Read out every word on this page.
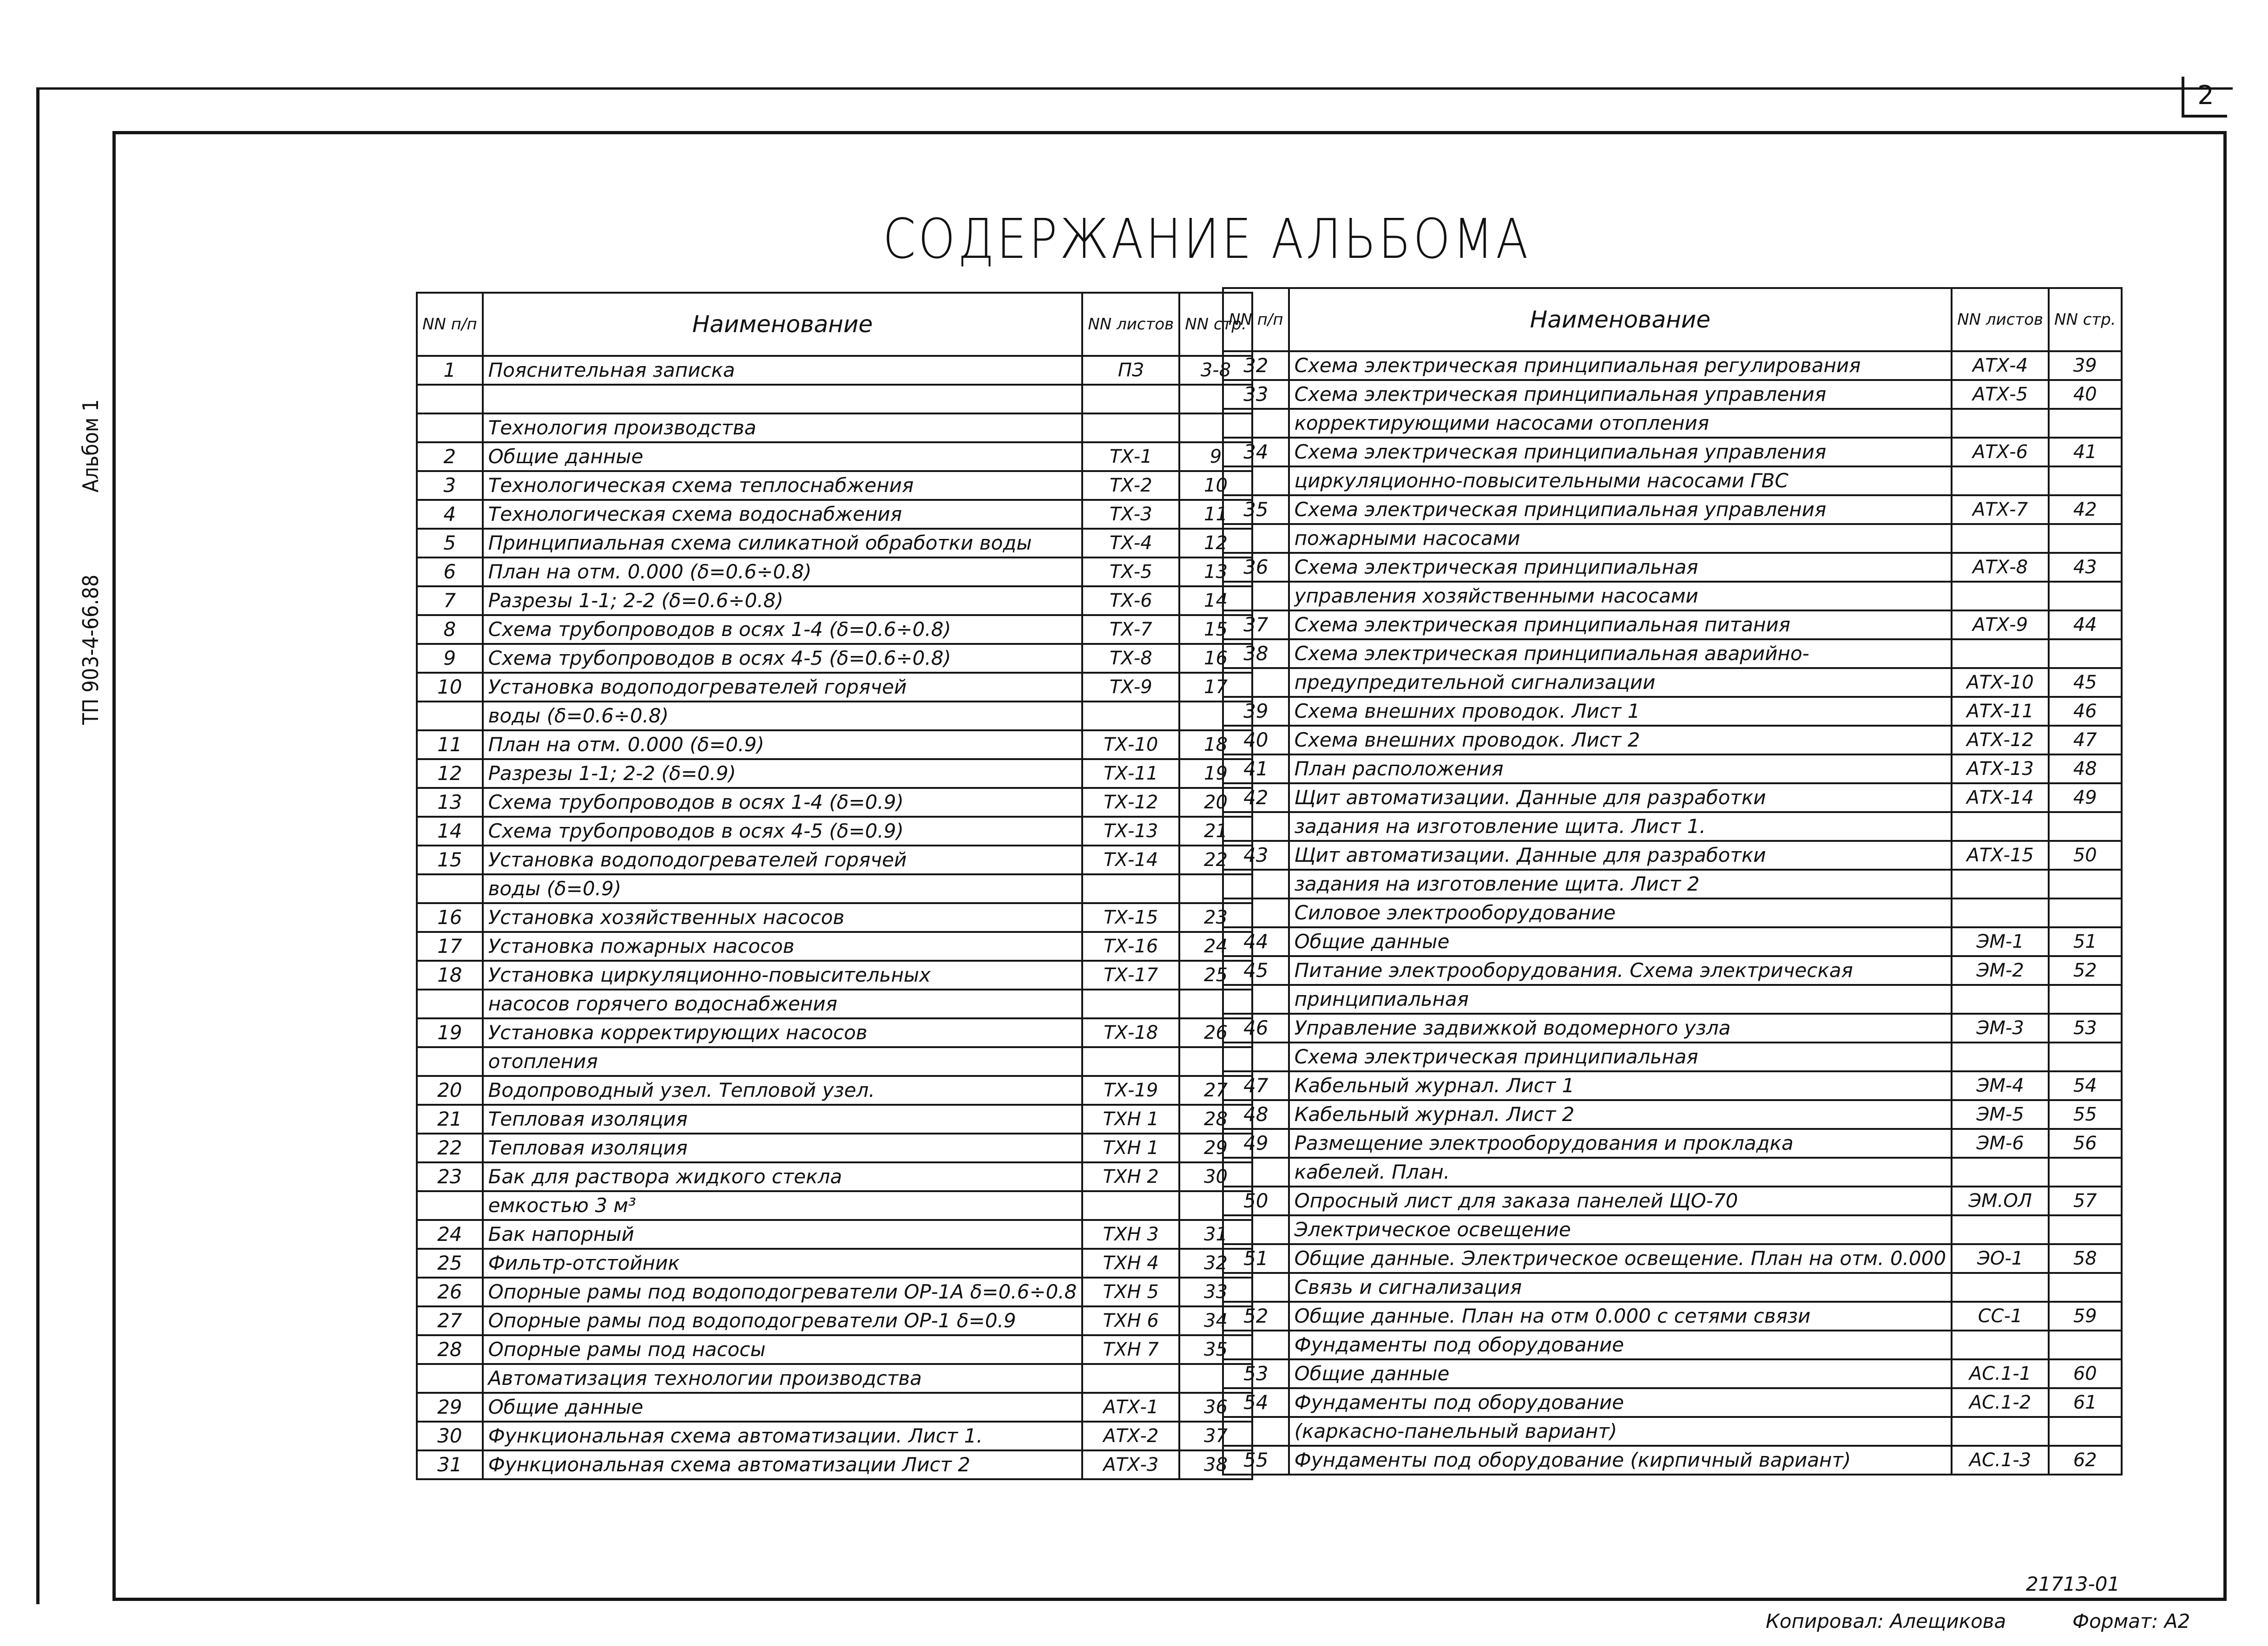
2
Альбом 1
ТП 903-4-66.88
СОДЕРЖАНИЕ АЛЬБОМА
NN п/п	Наименование	NN листов	NN стр.
1	Пояснительная записка	ПЗ	3-8

	Технология производства		
2	Общие данные	ТХ-1	9
3	Технологическая схема теплоснабжения	ТХ-2	10
4	Технологическая схема водоснабжения	ТХ-3	11
5	Принципиальная схема силикатной обработки воды	ТХ-4	12
6	План на отм. 0.000 (δ=0.6÷0.8)	ТХ-5	13
7	Разрезы 1-1; 2-2 (δ=0.6÷0.8)	ТХ-6	14
8	Схема трубопроводов в осях 1-4 (δ=0.6÷0.8)	ТХ-7	15
9	Схема трубопроводов в осях 4-5 (δ=0.6÷0.8)	ТХ-8	16
10	Установка водоподогревателей горячей	ТХ-9	17
	воды (δ=0.6÷0.8)		
11	План на отм. 0.000 (δ=0.9)	ТХ-10	18
12	Разрезы 1-1; 2-2 (δ=0.9)	ТХ-11	19
13	Схема трубопроводов в осях 1-4 (δ=0.9)	ТХ-12	20
14	Схема трубопроводов в осях 4-5 (δ=0.9)	ТХ-13	21
15	Установка водоподогревателей горячей	ТХ-14	22
	воды (δ=0.9)		
16	Установка хозяйственных насосов	ТХ-15	23
17	Установка пожарных насосов	ТХ-16	24
18	Установка циркуляционно-повысительных	ТХ-17	25
	насосов горячего водоснабжения		
19	Установка корректирующих насосов	ТХ-18	26
	отопления		
20	Водопроводный узел. Тепловой узел.	ТХ-19	27
21	Тепловая изоляция	ТХН 1	28
22	Тепловая изоляция	ТХН 1	29
23	Бак для раствора жидкого стекла	ТХН 2	30
	емкостью 3 м³		
24	Бак напорный	ТХН 3	31
25	Фильтр-отстойник	ТХН 4	32
26	Опорные рамы под водоподогреватели ОР-1А δ=0.6÷0.8	ТХН 5	33
27	Опорные рамы под водоподогреватели ОР-1 δ=0.9	ТХН 6	34
28	Опорные рамы под насосы	ТХН 7	35
	Автоматизация технологии производства		
29	Общие данные	АТХ-1	36
30	Функциональная схема автоматизации. Лист 1.	АТХ-2	37
31	Функциональная схема автоматизации Лист 2	АТХ-3	38
NN п/п	Наименование	NN листов	NN стр.
32	Схема электрическая принципиальная регулирования	АТХ-4	39
33	Схема электрическая принципиальная управления	АТХ-5	40
	корректирующими насосами отопления		
34	Схема электрическая принципиальная управления	АТХ-6	41
	циркуляционно-повысительными насосами ГВС		
35	Схема электрическая принципиальная управления	АТХ-7	42
	пожарными насосами		
36	Схема электрическая принципиальная	АТХ-8	43
	управления хозяйственными насосами		
37	Схема электрическая принципиальная питания	АТХ-9	44
38	Схема электрическая принципиальная аварийно-		
	предупредительной сигнализации	АТХ-10	45
39	Схема внешних проводок. Лист 1	АТХ-11	46
40	Схема внешних проводок. Лист 2	АТХ-12	47
41	План расположения	АТХ-13	48
42	Щит автоматизации. Данные для разработки	АТХ-14	49
	задания на изготовление щита. Лист 1.		
43	Щит автоматизации. Данные для разработки	АТХ-15	50
	задания на изготовление щита. Лист 2		
	Силовое электрооборудование		
44	Общие данные	ЭМ-1	51
45	Питание электрооборудования. Схема электрическая	ЭМ-2	52
	принципиальная		
46	Управление задвижкой водомерного узла	ЭМ-3	53
	Схема электрическая принципиальная		
47	Кабельный журнал. Лист 1	ЭМ-4	54
48	Кабельный журнал. Лист 2	ЭМ-5	55
49	Размещение электрооборудования и прокладка	ЭМ-6	56
	кабелей. План.		
50	Опросный лист для заказа панелей ЩО-70	ЭМ.ОЛ	57
	Электрическое освещение		
51	Общие данные. Электрическое освещение. План на отм. 0.000	ЭО-1	58
	Связь и сигнализация		
52	Общие данные. План на отм 0.000 с сетями связи	СС-1	59
	Фундаменты под оборудование		
53	Общие данные	АС.1-1	60
54	Фундаменты под оборудование	АС.1-2	61
	(каркасно-панельный вариант)		
55	Фундаменты под оборудование (кирпичный вариант)	АС.1-3	62
21713-01
Копировал: Алещикова	Формат: А2
